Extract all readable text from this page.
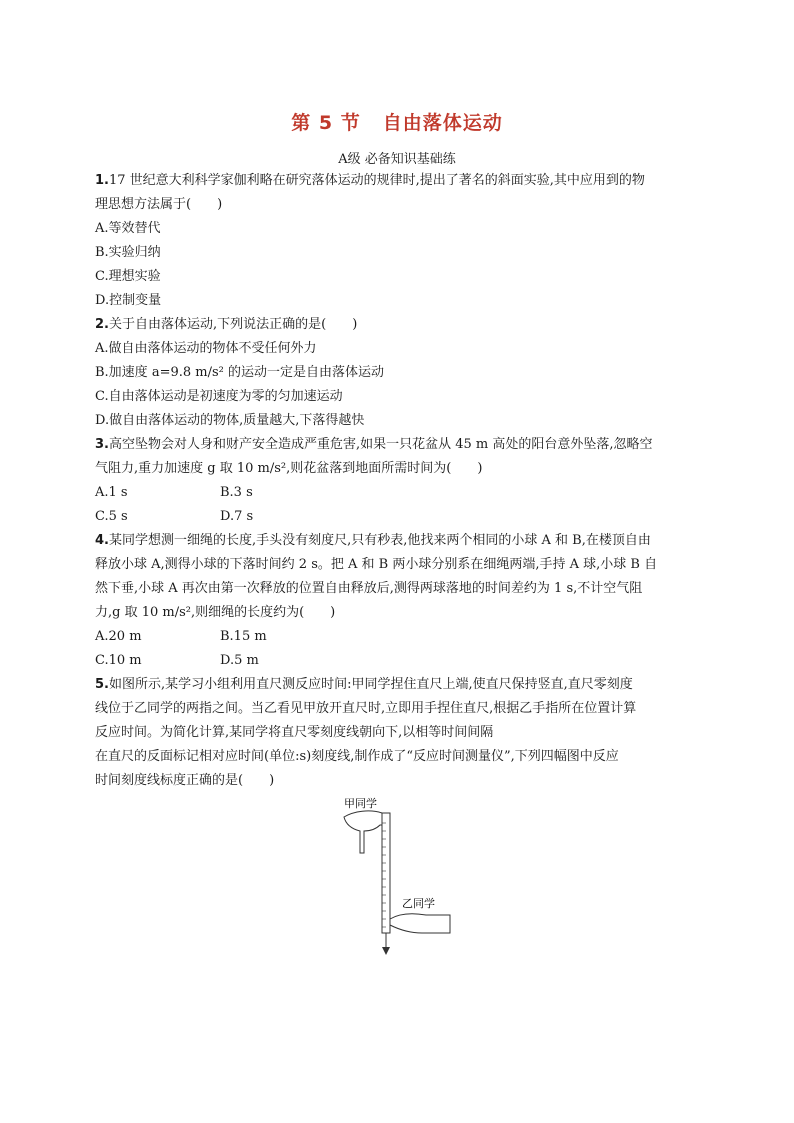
第 5 节 自由落体运动
A级 必备知识基础练
1.17 世纪意大利科学家伽利略在研究落体运动的规律时,提出了著名的斜面实验,其中应用到的物
理思想方法属于(　　)
A.等效替代
B.实验归纳
C.理想实验
D.控制变量
2.关于自由落体运动,下列说法正确的是(　　)
A.做自由落体运动的物体不受任何外力
B.加速度 a=9.8 m/s² 的运动一定是自由落体运动
C.自由落体运动是初速度为零的匀加速运动
D.做自由落体运动的物体,质量越大,下落得越快
3.高空坠物会对人身和财产安全造成严重危害,如果一只花盆从 45 m 高处的阳台意外坠落,忽略空
气阻力,重力加速度 g 取 10 m/s²,则花盆落到地面所需时间为(　　)
A.1 s	B.3 s
C.5 s	D.7 s
4.某同学想测一细绳的长度,手头没有刻度尺,只有秒表,他找来两个相同的小球 A 和 B,在楼顶自由
释放小球 A,测得小球的下落时间约 2 s。把 A 和 B 两小球分别系在细绳两端,手持 A 球,小球 B 自
然下垂,小球 A 再次由第一次释放的位置自由释放后,测得两球落地的时间差约为 1 s,不计空气阻
力,g 取 10 m/s²,则细绳的长度约为(　　)
A.20 m	B.15 m
C.10 m	D.5 m
5.如图所示,某学习小组利用直尺测反应时间:甲同学捏住直尺上端,使直尺保持竖直,直尺零刻度
线位于乙同学的两指之间。当乙看见甲放开直尺时,立即用手捏住直尺,根据乙手指所在位置计算
反应时间。为简化计算,某同学将直尺零刻度线朝向下,以相等时间间隔
在直尺的反面标记相对应时间(单位:s)刻度线,制作成了“反应时间测量仪”,下列四幅图中反应
时间刻度线标度正确的是(　　)
甲同学
乙同学
